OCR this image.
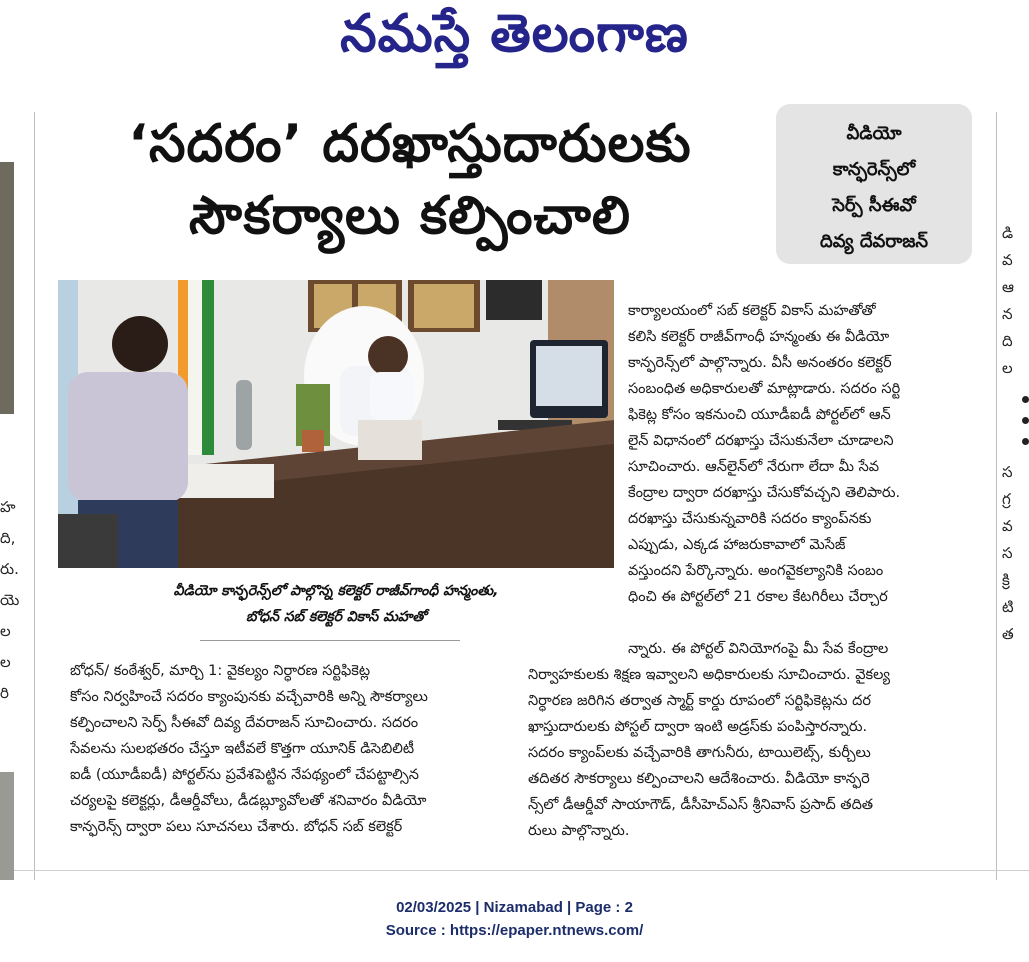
నమస్తే తెలంగాణ
హ
ది,
రు.
యె
ల
ల
రి
డి
వ
ఆ
న
ది
ల
స
గ్ర
వ
స
క్రి
టి
త
‘సదరం’ దరఖాస్తుదారులకు
సౌకర్యాలు కల్పించాలి
వీడియో
కాన్ఫరెన్స్‌లో
సెర్ప్ సీఈవో
దివ్య దేవరాజన్
వీడియో కాన్ఫరెన్స్‌లో పాల్గొన్న కలెక్టర్ రాజీవ్‌గాంధీ హన్మంతు,
బోధన్ సబ్ కలెక్టర్ వికాస్ మహతో
బోధన్/ కంఠేశ్వర్, మార్చి 1: వైకల్యం నిర్ధారణ సర్టిఫికెట్ల
కోసం నిర్వహించే సదరం క్యాంపునకు వచ్చేవారికి అన్ని సౌకర్యాలు
కల్పించాలని సెర్ప్ సీఈవో దివ్య దేవరాజన్ సూచించారు. సదరం
సేవలను సులభతరం చేస్తూ ఇటీవలే కొత్తగా యూనిక్ డిసెబిలిటీ
ఐడీ (యూడీఐడీ) పోర్టల్‌ను ప్రవేశపెట్టిన నేపథ్యంలో చేపట్టాల్సిన
చర్యలపై కలెక్టర్లు, డీఆర్డీవోలు, డీడబ్ల్యూవోలతో శనివారం వీడియో
కాన్ఫరెన్స్ ద్వారా పలు సూచనలు చేశారు. బోధన్ సబ్ కలెక్టర్
కార్యాలయంలో సబ్ కలెక్టర్ వికాస్ మహతోతో
కలిసి కలెక్టర్ రాజీవ్‌గాంధీ హన్మంతు ఈ వీడియో
కాన్ఫరెన్స్‌లో పాల్గొన్నారు. వీసీ అనంతరం కలెక్టర్
సంబంధిత అధికారులతో మాట్లాడారు. సదరం సర్టి
ఫికెట్ల కోసం ఇకనుంచి యూడీఐడీ పోర్టల్‌లో ఆన్
లైన్ విధానంలో దరఖాస్తు చేసుకునేలా చూడాలని
సూచించారు. ఆన్‌లైన్‌లో నేరుగా లేదా మీ సేవ
కేంద్రాల ద్వారా దరఖాస్తు చేసుకోవచ్చని తెలిపారు.
దరఖాస్తు చేసుకున్నవారికి సదరం క్యాంప్‌నకు
ఎప్పుడు, ఎక్కడ హాజరుకావాలో మెసేజ్
వస్తుందని పేర్కొన్నారు. అంగవైకల్యానికి సంబం
ధించి ఈ పోర్టల్‌లో 21 రకాల కేటగిరీలు చేర్చార
న్నారు. ఈ పోర్టల్ వినియోగంపై మీ సేవ కేంద్రాల
నిర్వాహకులకు శిక్షణ ఇవ్వాలని అధికారులకు సూచించారు. వైకల్య
నిర్ధారణ జరిగిన తర్వాత స్మార్ట్ కార్డు రూపంలో సర్టిఫికెట్లను దర
ఖాస్తుదారులకు పోస్టల్ ద్వారా ఇంటి అడ్రస్‌కు పంపిస్తారన్నారు.
సదరం క్యాంప్‌లకు వచ్చేవారికి తాగునీరు, టాయిలెట్స్, కుర్చీలు
తదితర సౌకర్యాలు కల్పించాలని ఆదేశించారు. వీడియో కాన్ఫరె
న్స్‌లో డీఆర్డీవో సాయాగౌడ్, డీసీహెచ్ఎస్ శ్రీనివాస్ ప్రసాద్ తదిత
రులు పాల్గొన్నారు.
02/03/2025 | Nizamabad | Page : 2
Source : https://epaper.ntnews.com/
